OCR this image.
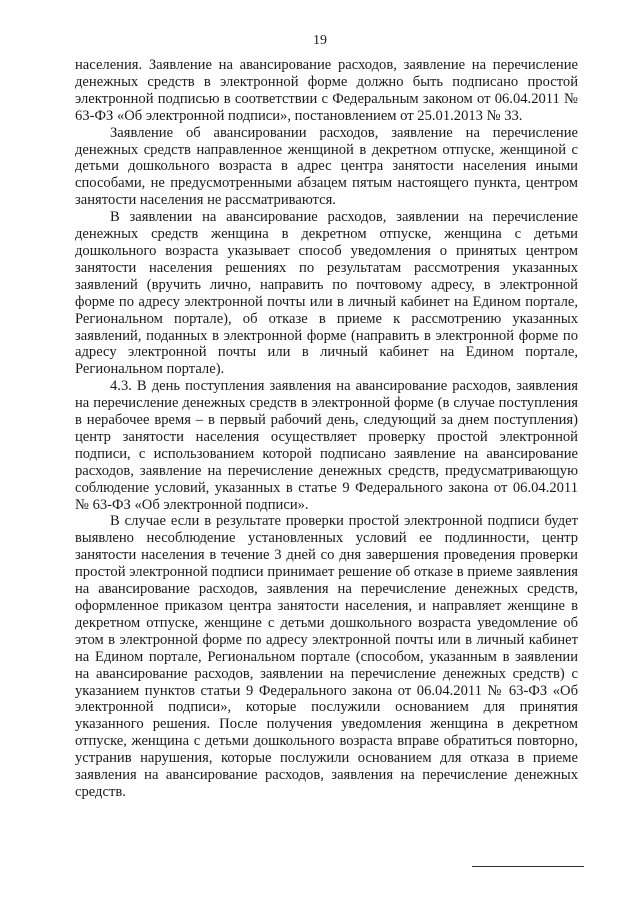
19

населения. Заявление на авансирование расходов, заявление на перечисление денежных средств в электронной форме должно быть подписано простой электронной подписью в соответствии с Федеральным законом от 06.04.2011 № 63-ФЗ «Об электронной подписи», постановлением от 25.01.2013 № 33.

Заявление об авансировании расходов, заявление на перечисление денежных средств направленное женщиной в декретном отпуске, женщиной с детьми дошкольного возраста в адрес центра занятости населения иными способами, не предусмотренными абзацем пятым настоящего пункта, центром занятости населения не рассматриваются.

В заявлении на авансирование расходов, заявлении на перечисление денежных средств женщина в декретном отпуске, женщина с детьми дошкольного возраста указывает способ уведомления о принятых центром занятости населения решениях по результатам рассмотрения указанных заявлений (вручить лично, направить по почтовому адресу, в электронной форме по адресу электронной почты или в личный кабинет на Едином портале, Региональном портале), об отказе в приеме к рассмотрению указанных заявлений, поданных в электронной форме (направить в электронной форме по адресу электронной почты или в личный кабинет на Едином портале, Региональном портале).

4.3. В день поступления заявления на авансирование расходов, заявления на перечисление денежных средств в электронной форме (в случае поступления в нерабочее время – в первый рабочий день, следующий за днем поступления) центр занятости населения осуществляет проверку простой электронной подписи, с использованием которой подписано заявление на авансирование расходов, заявление на перечисление денежных средств, предусматривающую соблюдение условий, указанных в статье 9 Федерального закона от 06.04.2011 № 63-ФЗ «Об электронной подписи».

В случае если в результате проверки простой электронной подписи будет выявлено несоблюдение установленных условий ее подлинности, центр занятости населения в течение 3 дней со дня завершения проведения проверки простой электронной подписи принимает решение об отказе в приеме заявления на авансирование расходов, заявления на перечисление денежных средств, оформленное приказом центра занятости населения, и направляет женщине в декретном отпуске, женщине с детьми дошкольного возраста уведомление об этом в электронной форме по адресу электронной почты или в личный кабинет на Едином портале, Региональном портале (способом, указанным в заявлении на авансирование расходов, заявлении на перечисление денежных средств) с указанием пунктов статьи 9 Федерального закона от 06.04.2011 № 63-ФЗ «Об электронной подписи», которые послужили основанием для принятия указанного решения. После получения уведомления женщина в декретном отпуске, женщина с детьми дошкольного возраста вправе обратиться повторно, устранив нарушения, которые послужили основанием для отказа в приеме заявления на авансирование расходов, заявления на перечисление денежных средств.
